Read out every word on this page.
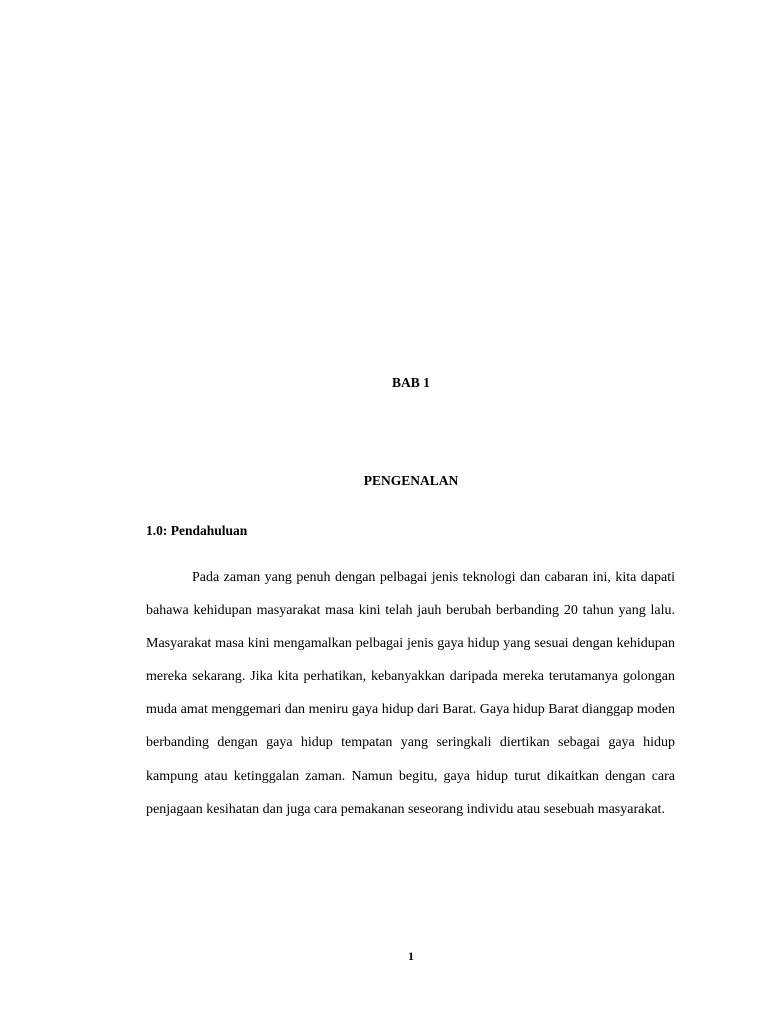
BAB 1
PENGENALAN
1.0: Pendahuluan

Pada zaman yang penuh dengan pelbagai jenis teknologi dan cabaran ini, kita dapati bahawa kehidupan masyarakat masa kini telah jauh berubah berbanding 20 tahun yang lalu. Masyarakat masa kini mengamalkan pelbagai jenis gaya hidup yang sesuai dengan kehidupan mereka sekarang. Jika kita perhatikan, kebanyakkan daripada mereka terutamanya golongan muda amat menggemari dan meniru gaya hidup dari Barat. Gaya hidup Barat dianggap moden berbanding dengan gaya hidup tempatan yang seringkali diertikan sebagai gaya hidup kampung atau ketinggalan zaman. Namun begitu, gaya hidup turut dikaitkan dengan cara penjagaan kesihatan dan juga cara pemakanan seseorang individu atau sesebuah masyarakat.

1
